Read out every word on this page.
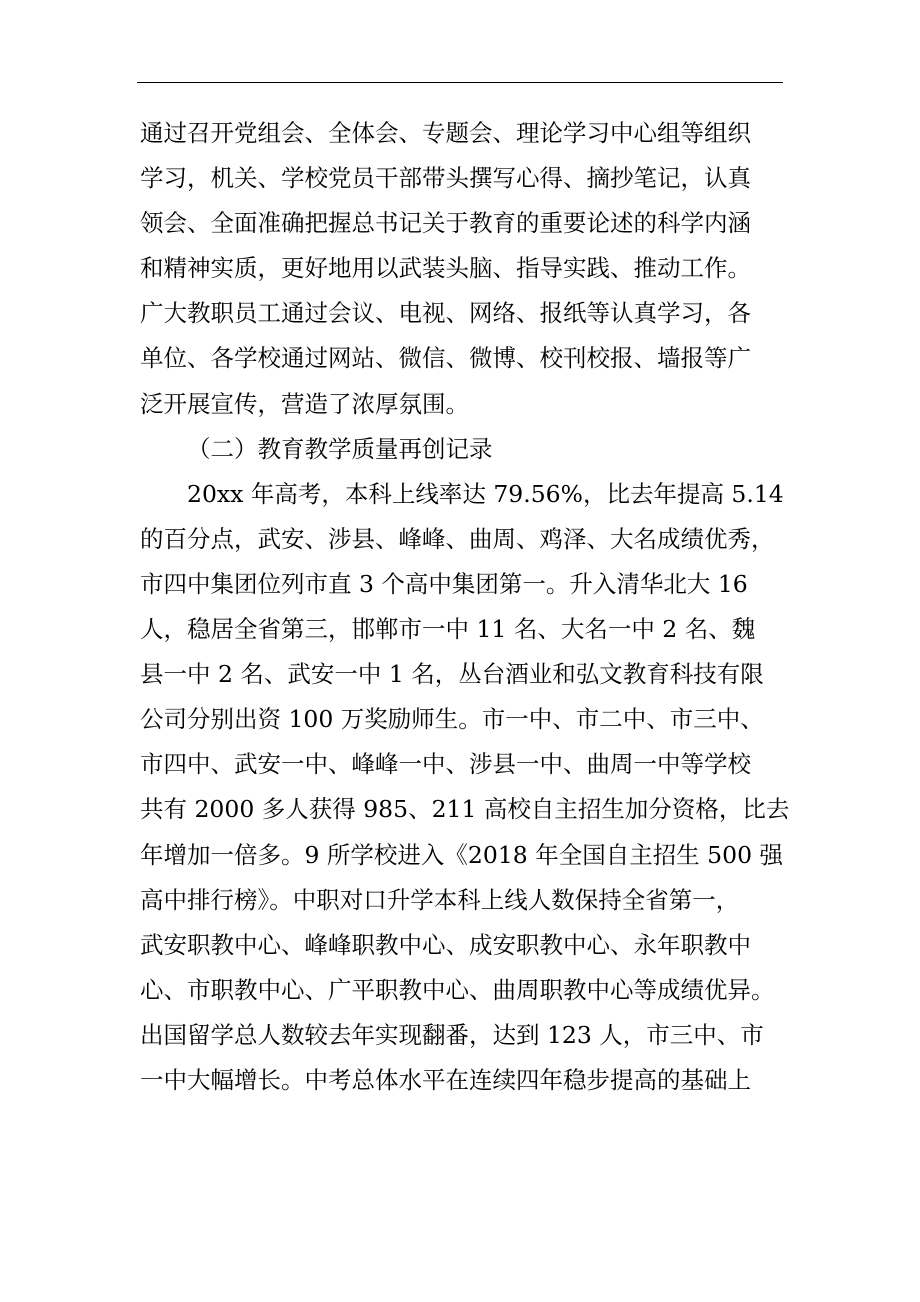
通过召开党组会、全体会、专题会、理论学习中心组等组织
学习，机关、学校党员干部带头撰写心得、摘抄笔记，认真
领会、全面准确把握总书记关于教育的重要论述的科学内涵
和精神实质，更好地用以武装头脑、指导实践、推动工作。
广大教职员工通过会议、电视、网络、报纸等认真学习，各
单位、各学校通过网站、微信、微博、校刊校报、墙报等广
泛开展宣传，营造了浓厚氛围。
（二）教育教学质量再创记录
20xx 年高考，本科上线率达 79.56%，比去年提高 5.14
的百分点，武安、涉县、峰峰、曲周、鸡泽、大名成绩优秀，
市四中集团位列市直 3 个高中集团第一。升入清华北大 16
人，稳居全省第三，邯郸市一中 11 名、大名一中 2 名、魏
县一中 2 名、武安一中 1 名，丛台酒业和弘文教育科技有限
公司分别出资 100 万奖励师生。市一中、市二中、市三中、
市四中、武安一中、峰峰一中、涉县一中、曲周一中等学校
共有 2000 多人获得 985、211 高校自主招生加分资格，比去
年增加一倍多。9 所学校进入《2018 年全国自主招生 500 强
高中排行榜》。中职对口升学本科上线人数保持全省第一，
武安职教中心、峰峰职教中心、成安职教中心、永年职教中
心、市职教中心、广平职教中心、曲周职教中心等成绩优异。
出国留学总人数较去年实现翻番，达到 123 人，市三中、市
一中大幅增长。中考总体水平在连续四年稳步提高的基础上
